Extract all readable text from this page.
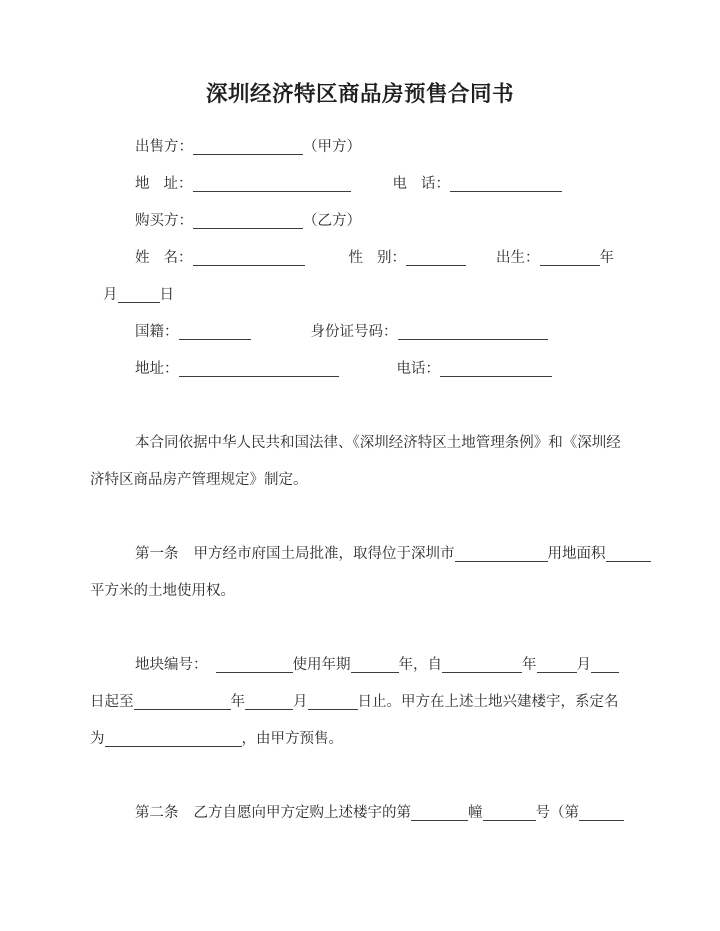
深圳经济特区商品房预售合同书
出售方：	（甲方）
地 址：	电 话：
购买方：	（乙方）
姓 名：	性 别：	出生：	年
月	日
国籍：	身份证号码：
地址：	电话：
本合同依据中华人民共和国法律、《深圳经济特区土地管理条例》和《深圳经
济特区商品房产管理规定》制定。
第一条 甲方经市府国土局批准，取得位于深圳市	用地面积
平方米的土地使用权。
地块编号：	使用年期	年，自	年	月
日起至	年	月	日止。甲方在上述土地兴建楼宇，系定名
为	，由甲方预售。
第二条 乙方自愿向甲方定购上述楼宇的第	幢	号（第
